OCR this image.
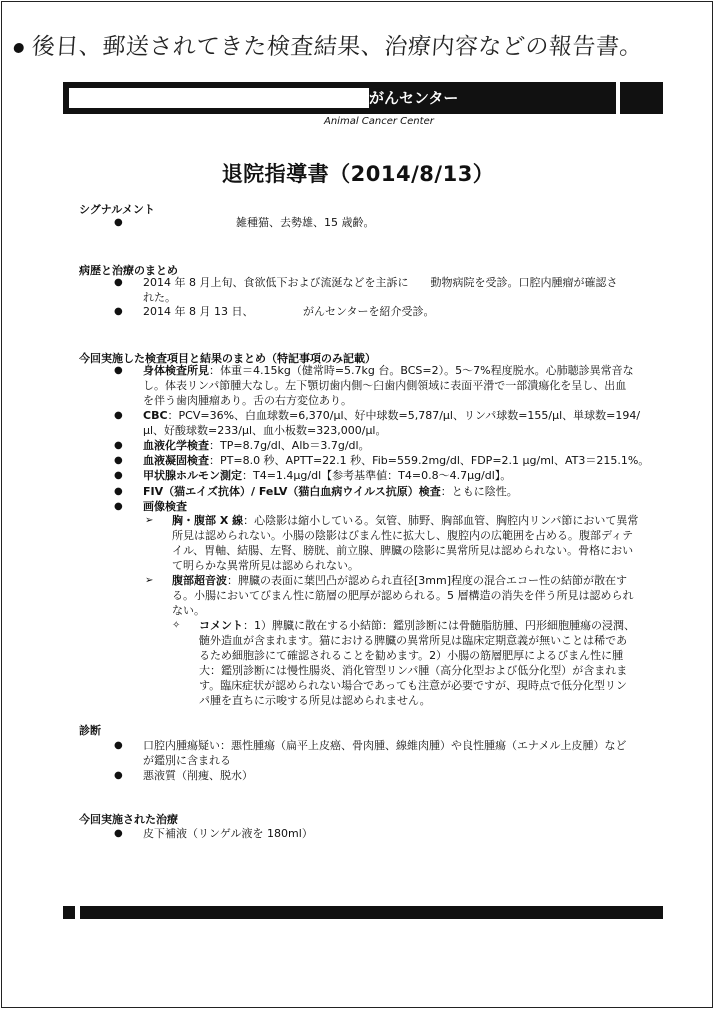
後日、郵送されてきた検査結果、治療内容などの報告書。
がんセンター
Animal Cancer Center
退院指導書（2014/8/13）
シグナルメント
●	雑種猫、去勢雄、15 歳齢。
病歴と治療のまとめ
● 2014 年 8 月上旬、食欲低下および流涎などを主訴に　　動物病院を受診。口腔内腫瘤が確認さ
れた。
● 2014 年 8 月 13 日、　　　　　がんセンターを紹介受診。
今回実施した検査項目と結果のまとめ（特記事項のみ記載）
● 身体検査所見：体重＝4.15kg（健常時=5.7kg 台。BCS=2）。5〜7%程度脱水。心肺聴診異常音な
し。体表リンパ節腫大なし。左下顎切歯内側〜臼歯内側領域に表面平滑で一部潰瘍化を呈し、出血
を伴う歯肉腫瘤あり。舌の右方変位あり。
● CBC：PCV=36%、白血球数=6,370/μl、好中球数=5,787/μl、リンパ球数=155/μl、単球数=194/
μl、好酸球数=233/μl、血小板数=323,000/μl。
● 血液化学検査：TP=8.7g/dl、Alb＝3.7g/dl。
● 血液凝固検査：PT=8.0 秒、APTT=22.1 秒、Fib=559.2mg/dl、FDP=2.1 μg/ml、AT3＝215.1%。
● 甲状腺ホルモン測定：T4=1.4μg/dl【参考基準値：T4=0.8〜4.7μg/dl】。
● FIV（猫エイズ抗体）/ FeLV（猫白血病ウイルス抗原）検査：ともに陰性。
● 画像検査
➢ 胸・腹部 X 線：心陰影は縮小している。気管、肺野、胸部血管、胸腔内リンパ節において異常
所見は認められない。小腸の陰影はびまん性に拡大し、腹腔内の広範囲を占める。腹部ディテ
イル、胃軸、結腸、左腎、膀胱、前立腺、脾臓の陰影に異常所見は認められない。骨格におい
て明らかな異常所見は認められない。
➢ 腹部超音波：脾臓の表面に葉凹凸が認められ直径[3mm]程度の混合エコー性の結節が散在す
る。小腸においてびまん性に筋層の肥厚が認められる。5 層構造の消失を伴う所見は認められ
ない。
✧ コメント：1）脾臓に散在する小結節：鑑別診断には骨髄脂肪腫、円形細胞腫瘍の浸潤、
髄外造血が含まれます。猫における脾臓の異常所見は臨床定期意義が無いことは稀であ
るため細胞診にて確認されることを勧めます。2）小腸の筋層肥厚によるびまん性に腫
大：鑑別診断には慢性腸炎、消化管型リンパ腫（高分化型および低分化型）が含まれま
す。臨床症状が認められない場合であっても注意が必要ですが、現時点で低分化型リン
パ腫を直ちに示唆する所見は認められません。
診断
● 口腔内腫瘍疑い：悪性腫瘍（扁平上皮癌、骨肉腫、線維肉腫）や良性腫瘍（エナメル上皮腫）など
が鑑別に含まれる
● 悪液質（削痩、脱水）
今回実施された治療
● 皮下補液（リンゲル液を 180ml）
